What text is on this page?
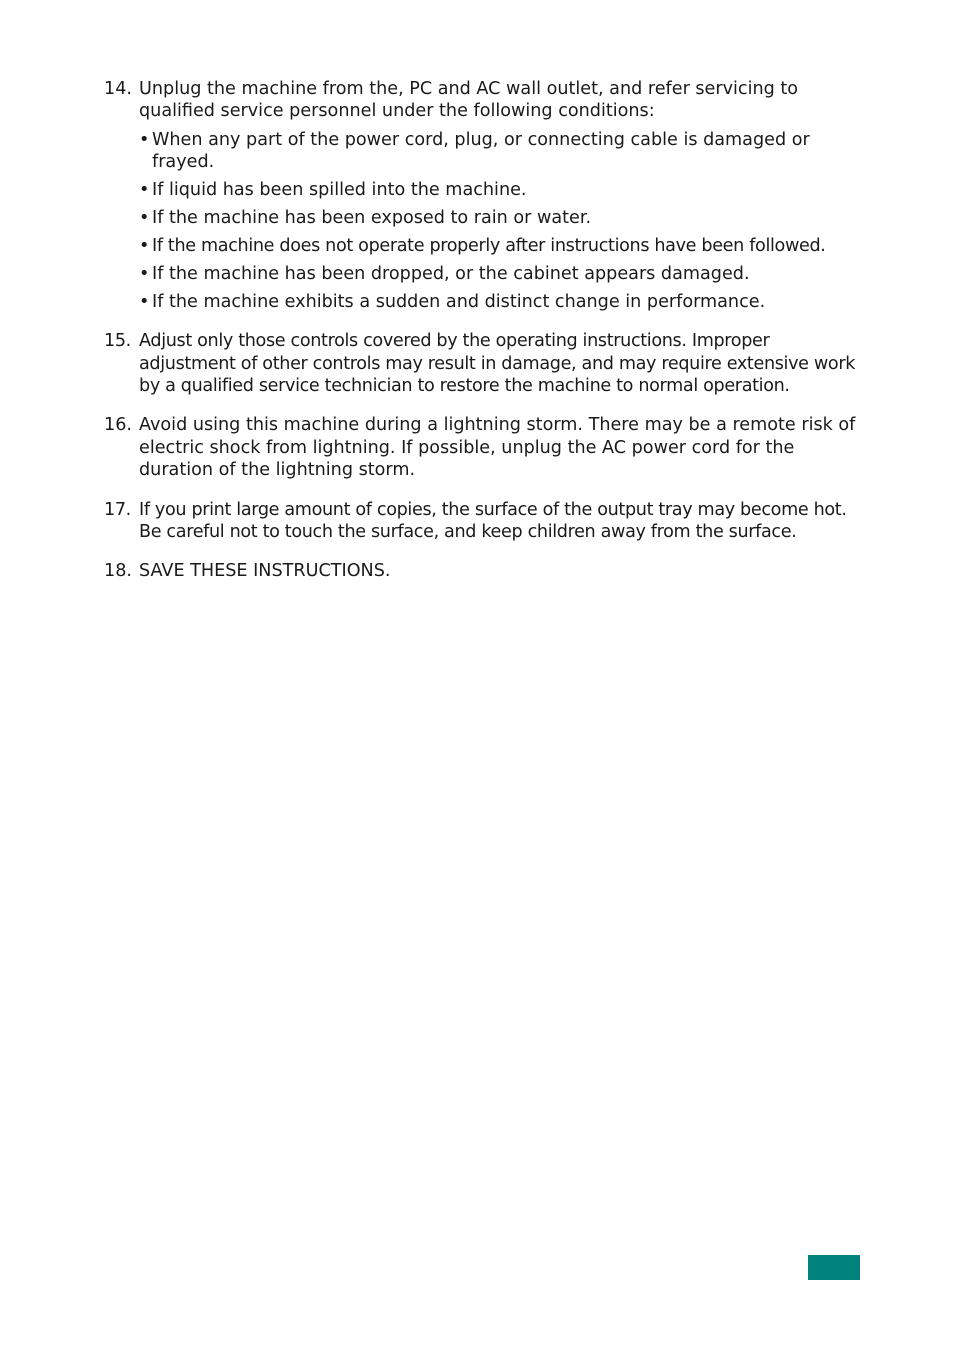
14. Unplug the machine from the, PC and AC wall outlet, and refer servicing to qualified service personnel under the following conditions:
• When any part of the power cord, plug, or connecting cable is damaged or frayed.
• If liquid has been spilled into the machine.
• If the machine has been exposed to rain or water.
• If the machine does not operate properly after instructions have been followed.
• If the machine has been dropped, or the cabinet appears damaged.
• If the machine exhibits a sudden and distinct change in performance.
15. Adjust only those controls covered by the operating instructions. Improper adjustment of other controls may result in damage, and may require extensive work by a qualified service technician to restore the machine to normal operation.
16. Avoid using this machine during a lightning storm. There may be a remote risk of electric shock from lightning. If possible, unplug the AC power cord for the duration of the lightning storm.
17. If you print large amount of copies, the surface of the output tray may become hot. Be careful not to touch the surface, and keep children away from the surface.
18. SAVE THESE INSTRUCTIONS.
